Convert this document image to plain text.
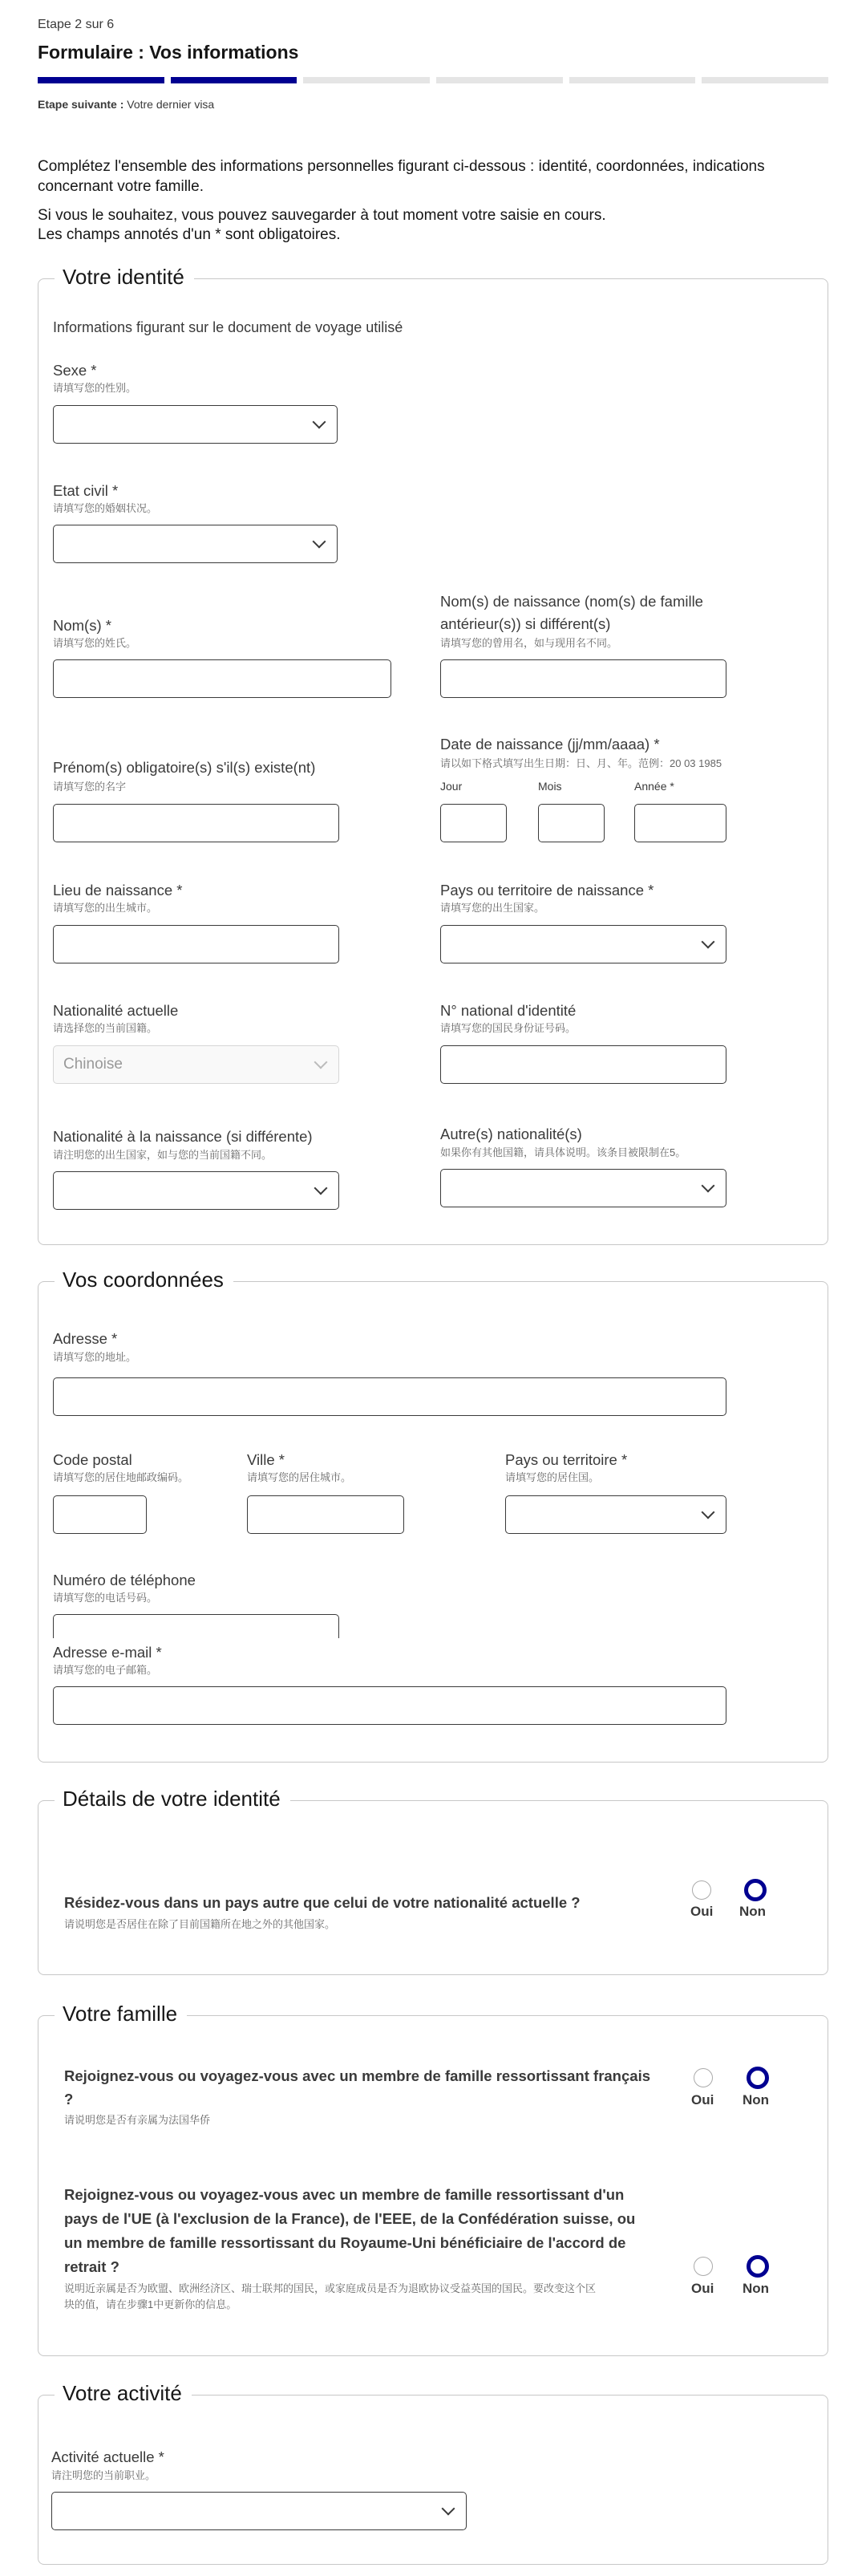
Etape 2 sur 6
Formulaire : Vos informations
Etape suivante : Votre dernier visa
Complétez l'ensemble des informations personnelles figurant ci-dessous : identité, coordonnées, indications concernant votre famille.
Si vous le souhaitez, vous pouvez sauvegarder à tout moment votre saisie en cours.
Les champs annotés d'un * sont obligatoires.
Votre identité
Informations figurant sur le document de voyage utilisé
Sexe *
请填写您的性别。
Etat civil *
请填写您的婚姻状况。
Nom(s) *
请填写您的姓氏。
Nom(s) de naissance (nom(s) de famille
antérieur(s)) si différent(s)
请填写您的曾用名，如与现用名不同。
Prénom(s) obligatoire(s) s'il(s) existe(nt)
请填写您的名字
Date de naissance (jj/mm/aaaa) *
请以如下格式填写出生日期：日、月、年。范例：20 03 1985
Jour	Mois	Année *
Lieu de naissance *
请填写您的出生城市。
Pays ou territoire de naissance *
请填写您的出生国家。
Nationalité actuelle
请选择您的当前国籍。
Chinoise
N° national d'identité
请填写您的国民身份证号码。
Nationalité à la naissance (si différente)
请注明您的出生国家，如与您的当前国籍不同。
Autre(s) nationalité(s)
如果你有其他国籍，请具体说明。该条目被限制在5。
Vos coordonnées
Adresse *
请填写您的地址。
Code postal
请填写您的居住地邮政编码。
Ville *
请填写您的居住城市。
Pays ou territoire *
请填写您的居住国。
Numéro de téléphone
请填写您的电话号码。
Adresse e-mail *
请填写您的电子邮箱。
Détails de votre identité
Résidez-vous dans un pays autre que celui de votre nationalité actuelle ?
请说明您是否居住在除了目前国籍所在地之外的其他国家。
Oui Non
Votre famille
Rejoignez-vous ou voyagez-vous avec un membre de famille ressortissant français
?
请说明您是否有亲属为法国华侨
Oui Non
Rejoignez-vous ou voyagez-vous avec un membre de famille ressortissant d'un
pays de l'UE (à l'exclusion de la France), de l'EEE, de la Confédération suisse, ou
un membre de famille ressortissant du Royaume-Uni bénéficiaire de l'accord de
retrait ?
说明近亲属是否为欧盟、欧洲经济区、瑞士联邦的国民，或家庭成员是否为退欧协议受益英国的国民。要改变这个区
块的值，请在步骤1中更新你的信息。
Oui Non
Votre activité
Activité actuelle *
请注明您的当前职业。
